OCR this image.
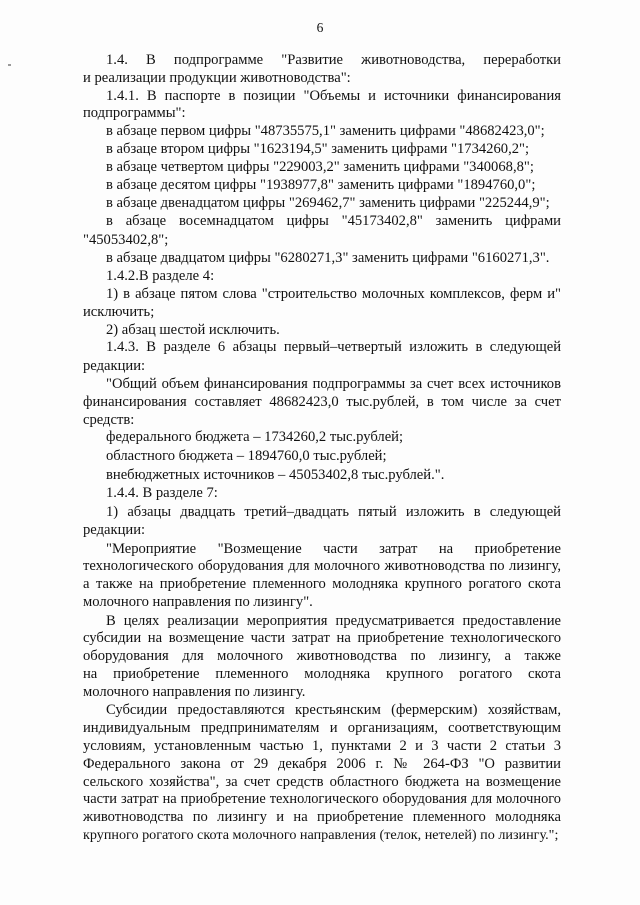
6
1.4. В подпрограмме "Развитие животноводства, переработки
и реализации продукции животноводства":
1.4.1. В паспорте в позиции "Объемы и источники финансирования
подпрограммы":
в абзаце первом цифры "48735575,1" заменить цифрами "48682423,0";
в абзаце втором цифры "1623194,5" заменить цифрами "1734260,2";
в абзаце четвертом цифры "229003,2" заменить цифрами "340068,8";
в абзаце десятом цифры "1938977,8" заменить цифрами "1894760,0";
в абзаце двенадцатом цифры "269462,7" заменить цифрами "225244,9";
в абзаце восемнадцатом цифры "45173402,8" заменить цифрами
"45053402,8";
в абзаце двадцатом цифры "6280271,3" заменить цифрами "6160271,3".
1.4.2.В разделе 4:
1) в абзаце пятом слова "строительство молочных комплексов, ферм и"
исключить;
2) абзац шестой исключить.
1.4.3. В разделе 6 абзацы первый–четвертый изложить в следующей
редакции:
"Общий объем финансирования подпрограммы за счет всех источников
финансирования составляет 48682423,0 тыс.рублей, в том числе за счет
средств:
федерального бюджета – 1734260,2 тыс.рублей;
областного бюджета – 1894760,0 тыс.рублей;
внебюджетных источников – 45053402,8 тыс.рублей.".
1.4.4. В разделе 7:
1) абзацы двадцать третий–двадцать пятый изложить в следующей
редакции:
"Мероприятие "Возмещение части затрат на приобретение
технологического оборудования для молочного животноводства по лизингу,
а также на приобретение племенного молодняка крупного рогатого скота
молочного направления по лизингу".
В целях реализации мероприятия предусматривается предоставление
субсидии на возмещение части затрат на приобретение технологического
оборудования для молочного животноводства по лизингу, а также
на приобретение племенного молодняка крупного рогатого скота
молочного направления по лизингу.
Субсидии предоставляются крестьянским (фермерским) хозяйствам,
индивидуальным предпринимателям и организациям, соответствующим
условиям, установленным частью 1, пунктами 2 и 3 части 2 статьи 3
Федерального закона от 29 декабря 2006 г. № 264-ФЗ "О развитии
сельского хозяйства", за счет средств областного бюджета на возмещение
части затрат на приобретение технологического оборудования для молочного
животноводства по лизингу и на приобретение племенного молодняка
крупного рогатого скота молочного направления (телок, нетелей) по лизингу.";
